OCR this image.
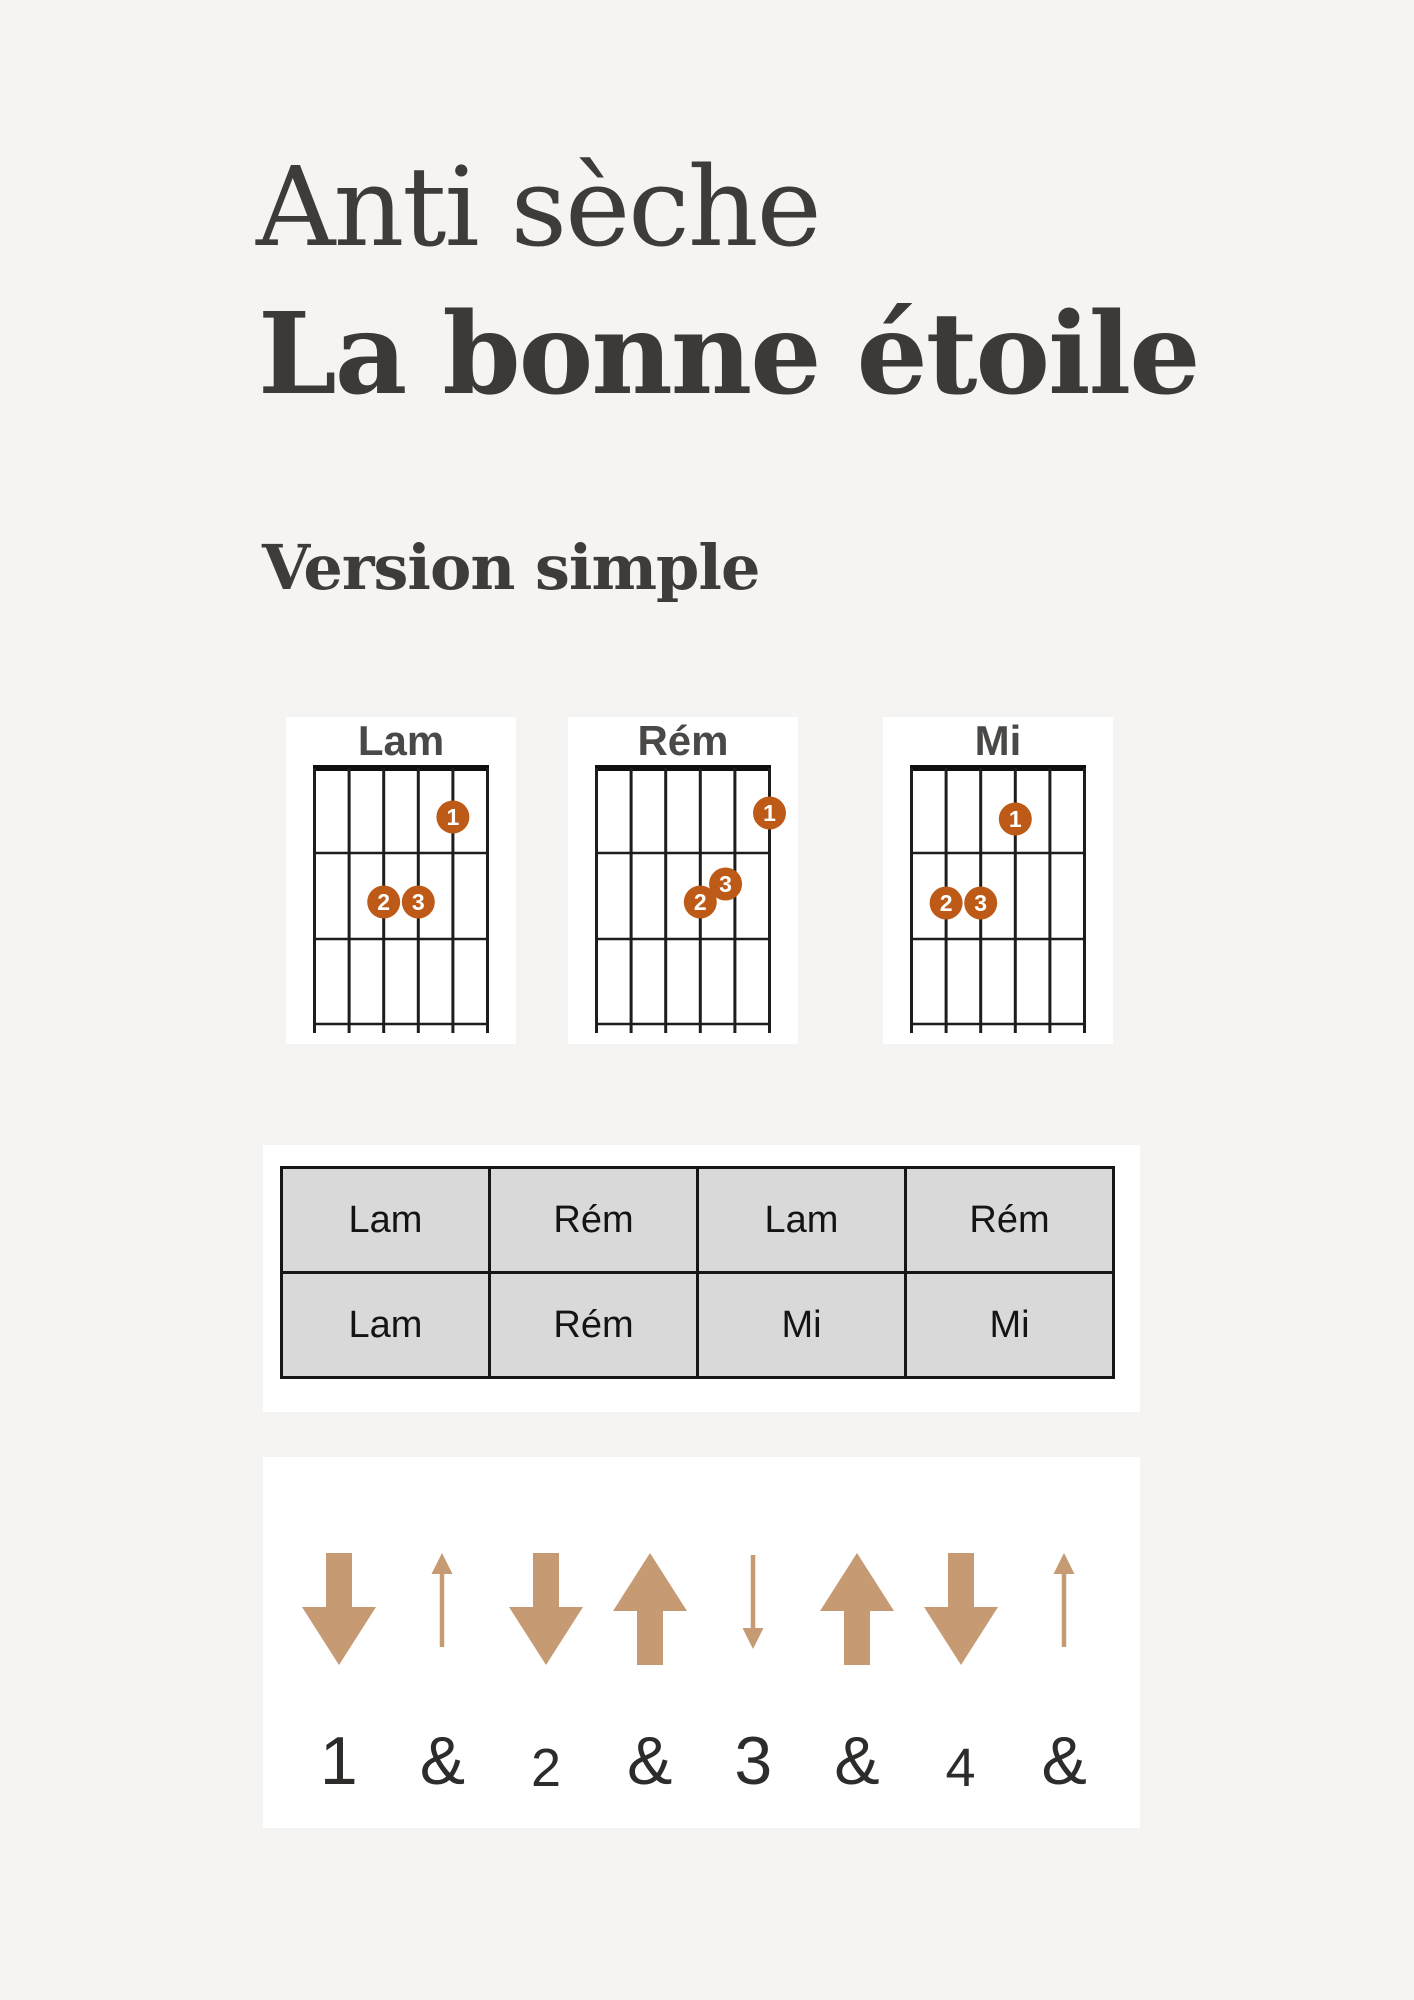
Anti sèche
La bonne étoile
Version simple
Lam	Rém	Lam	Rém
Lam	Rém	Mi	Mi
1 & 2 & 3 & 4 &
Lam
1
2 3
Rém
1
2
3
Mi
1
2 3
